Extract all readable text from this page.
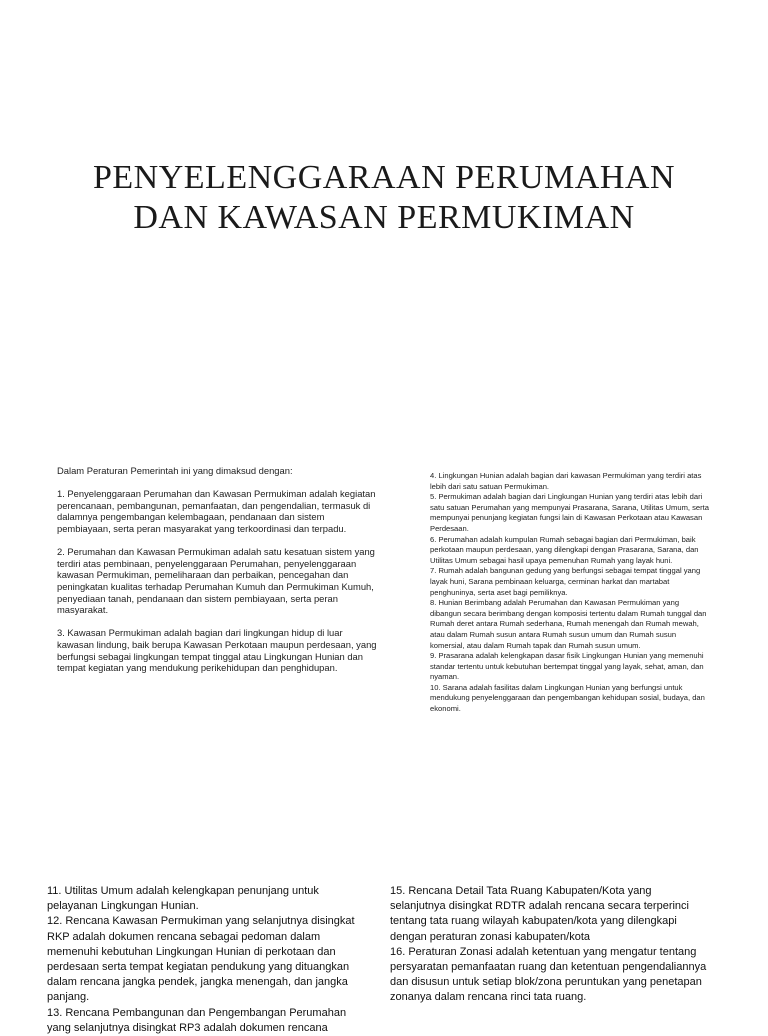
PENYELENGGARAAN PERUMAHAN
DAN KAWASAN PERMUKIMAN

Dalam Peraturan Pemerintah ini yang dimaksud dengan:

1. Penyelenggaraan Perumahan dan Kawasan Permukiman adalah kegiatan perencanaan, pembangunan, pemanfaatan, dan pengendalian, termasuk di dalamnya pengembangan kelembagaan, pendanaan dan sistem pembiayaan, serta peran masyarakat yang terkoordinasi dan terpadu.

2. Perumahan dan Kawasan Permukiman adalah satu kesatuan sistem yang terdiri atas pembinaan, penyelenggaraan Perumahan, penyelenggaraan kawasan Permukiman, pemeliharaan dan perbaikan, pencegahan dan peningkatan kualitas terhadap Perumahan Kumuh dan Permukiman Kumuh, penyediaan tanah, pendanaan dan sistem pembiayaan, serta peran masyarakat.

3. Kawasan Permukiman adalah bagian dari lingkungan hidup di luar kawasan lindung, baik berupa Kawasan Perkotaan maupun perdesaan, yang berfungsi sebagai lingkungan tempat tinggal atau Lingkungan Hunian dan tempat kegiatan yang mendukung perikehidupan dan penghidupan.

4. Lingkungan Hunian adalah bagian dari kawasan Permukiman yang terdiri atas lebih dari satu satuan Permukiman.

5. Permukiman adalah bagian dari Lingkungan Hunian yang terdiri atas lebih dari satu satuan Perumahan yang mempunyai Prasarana, Sarana, Utilitas Umum, serta mempunyai penunjang kegiatan fungsi lain di Kawasan Perkotaan atau Kawasan Perdesaan.

6. Perumahan adalah kumpulan Rumah sebagai bagian dari Permukiman, baik perkotaan maupun perdesaan, yang dilengkapi dengan Prasarana, Sarana, dan Utilitas Umum sebagai hasil upaya pemenuhan Rumah yang layak huni.

7. Rumah adalah bangunan gedung yang berfungsi sebagai tempat tinggal yang layak huni, Sarana pembinaan keluarga, cerminan harkat dan martabat penghuninya, serta aset bagi pemiliknya.

8. Hunian Berimbang adalah Perumahan dan Kawasan Permukiman yang dibangun secara berimbang dengan komposisi tertentu dalam Rumah tunggal dan Rumah deret antara Rumah sederhana, Rumah menengah dan Rumah mewah, atau dalam Rumah susun antara Rumah susun umum dan Rumah susun komersial, atau dalam Rumah tapak dan Rumah susun umum.

9. Prasarana adalah kelengkapan dasar fisik Lingkungan Hunian yang memenuhi standar tertentu untuk kebutuhan bertempat tinggal yang layak, sehat, aman, dan nyaman.

10. Sarana adalah fasilitas dalam Lingkungan Hunian yang berfungsi untuk mendukung penyelenggaraan dan pengembangan kehidupan sosial, budaya, dan ekonomi.

11. Utilitas Umum adalah kelengkapan penunjang untuk pelayanan Lingkungan Hunian.

12. Rencana Kawasan Permukiman yang selanjutnya disingkat RKP adalah dokumen rencana sebagai pedoman dalam memenuhi kebutuhan Lingkungan Hunian di perkotaan dan perdesaan serta tempat kegiatan pendukung yang dituangkan dalam rencana jangka pendek, jangka menengah, dan jangka panjang.

13. Rencana Pembangunan dan Pengembangan Perumahan yang selanjutnya disingkat RP3 adalah dokumen rencana

15. Rencana Detail Tata Ruang Kabupaten/Kota yang selanjutnya disingkat RDTR adalah rencana secara terperinci tentang tata ruang wilayah kabupaten/kota yang dilengkapi dengan peraturan zonasi kabupaten/kota

16. Peraturan Zonasi adalah ketentuan yang mengatur tentang persyaratan pemanfaatan ruang dan ketentuan pengendaliannya dan disusun untuk setiap blok/zona peruntukan yang penetapan zonanya dalam rencana rinci tata ruang.
